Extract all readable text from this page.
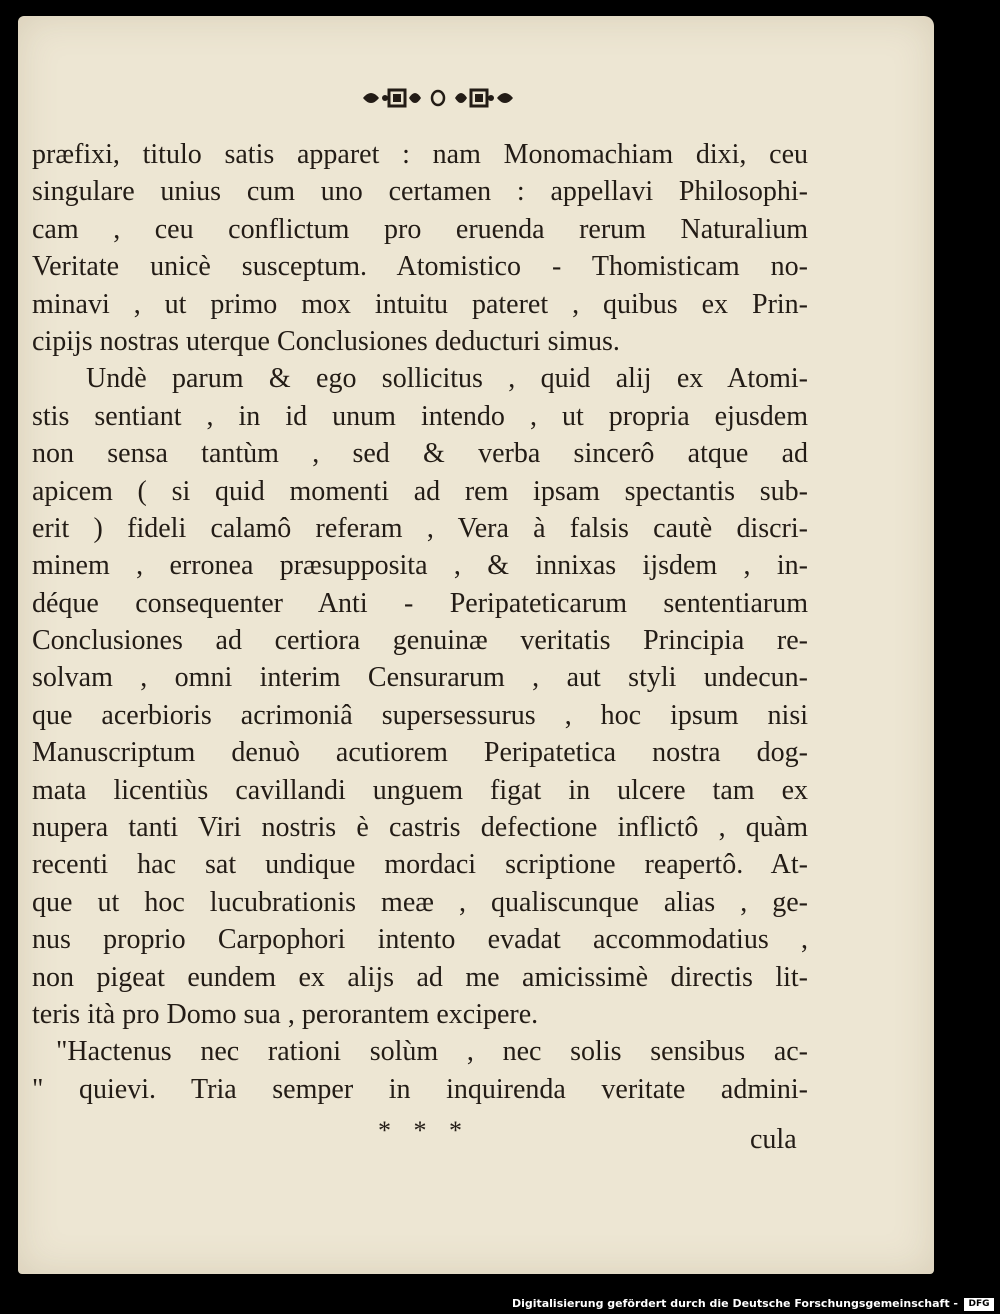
præfixi, titulo satis apparet : nam Monomachiam dixi, ceu
singulare unius cum uno certamen : appellavi Philosophi-
cam , ceu conflictum pro eruenda rerum Naturalium
Veritate unicè susceptum. Atomistico - Thomisticam no-
minavi , ut primo mox intuitu pateret , quibus ex Prin-
cipijs nostras uterque Conclusiones deducturi simus.
Undè parum & ego sollicitus , quid alij ex Atomi-
stis sentiant , in id unum intendo , ut propria ejusdem
non sensa tantùm , sed & verba sincerô atque ad
apicem ( si quid momenti ad rem ipsam spectantis sub-
erit ) fideli calamô referam , Vera à falsis cautè discri-
minem , erronea præsupposita , & innixas ijsdem , in-
déque consequenter Anti - Peripateticarum sententiarum
Conclusiones ad certiora genuinæ veritatis Principia re-
solvam , omni interim Censurarum , aut styli undecun-
que acerbioris acrimoniâ supersessurus , hoc ipsum nisi
Manuscriptum denuò acutiorem Peripatetica nostra dog-
mata licentiùs cavillandi unguem figat in ulcere tam ex
nupera tanti Viri nostris è castris defectione inflictô , quàm
recenti hac sat undique mordaci scriptione reapertô. At-
que ut hoc lucubrationis meæ , qualiscunque alias , ge-
nus proprio Carpophori intento evadat accommodatius ,
non pigeat eundem ex alijs ad me amicissimè directis lit-
teris ità pro Domo sua , perorantem excipere.
"Hactenus nec rationi solùm , nec solis sensibus ac-
" quievi. Tria semper in inquirenda veritate admini-
* * *	cula
Digitalisierung gefördert durch die Deutsche Forschungsgemeinschaft -	DFG
